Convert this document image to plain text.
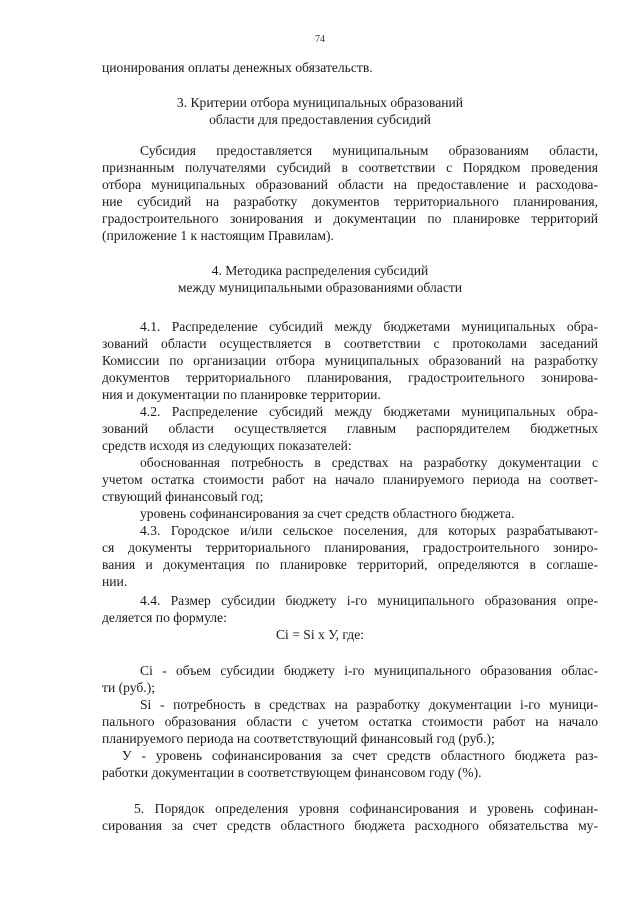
74
ционирования оплаты денежных обязательств.
3. Критерии отбора муниципальных образований
области для предоставления субсидий
Субсидия предоставляется муниципальным образованиям области,
признанным получателями субсидий в соответствии с Порядком проведения
отбора муниципальных образований области на предоставление и расходова-
ние субсидий на разработку документов территориального планирования,
градостроительного зонирования и документации по планировке территорий
(приложение 1 к настоящим Правилам).
4. Методика распределения субсидий
между муниципальными образованиями области
4.1. Распределение субсидий между бюджетами муниципальных обра-
зований области осуществляется в соответствии с протоколами заседаний
Комиссии по организации отбора муниципальных образований на разработку
документов территориального планирования, градостроительного зонирова-
ния и документации по планировке территории.
4.2. Распределение субсидий между бюджетами муниципальных обра-
зований области осуществляется главным распорядителем бюджетных
средств исходя из следующих показателей:
обоснованная потребность в средствах на разработку документации с
учетом остатка стоимости работ на начало планируемого периода на соответ-
ствующий финансовый год;
уровень софинансирования за счет средств областного бюджета.
4.3. Городское и/или сельское поселения, для которых разрабатывают-
ся документы территориального планирования, градостроительного зониро-
вания и документация по планировке территорий, определяются в соглаше-
нии.
4.4. Размер субсидии бюджету i-го муниципального образования опре-
деляется по формуле:
Ci = Si x У, где:
Ci - объем субсидии бюджету i-го муниципального образования облас-
ти (руб.);
Si - потребность в средствах на разработку документации i-го муници-
пального образования области с учетом остатка стоимости работ на начало
планируемого периода на соответствующий финансовый год (руб.);
У - уровень софинансирования за счет средств областного бюджета раз-
работки документации в соответствующем финансовом году (%).
5. Порядок определения уровня софинансирования и уровень софинан-
сирования за счет средств областного бюджета расходного обязательства му-
